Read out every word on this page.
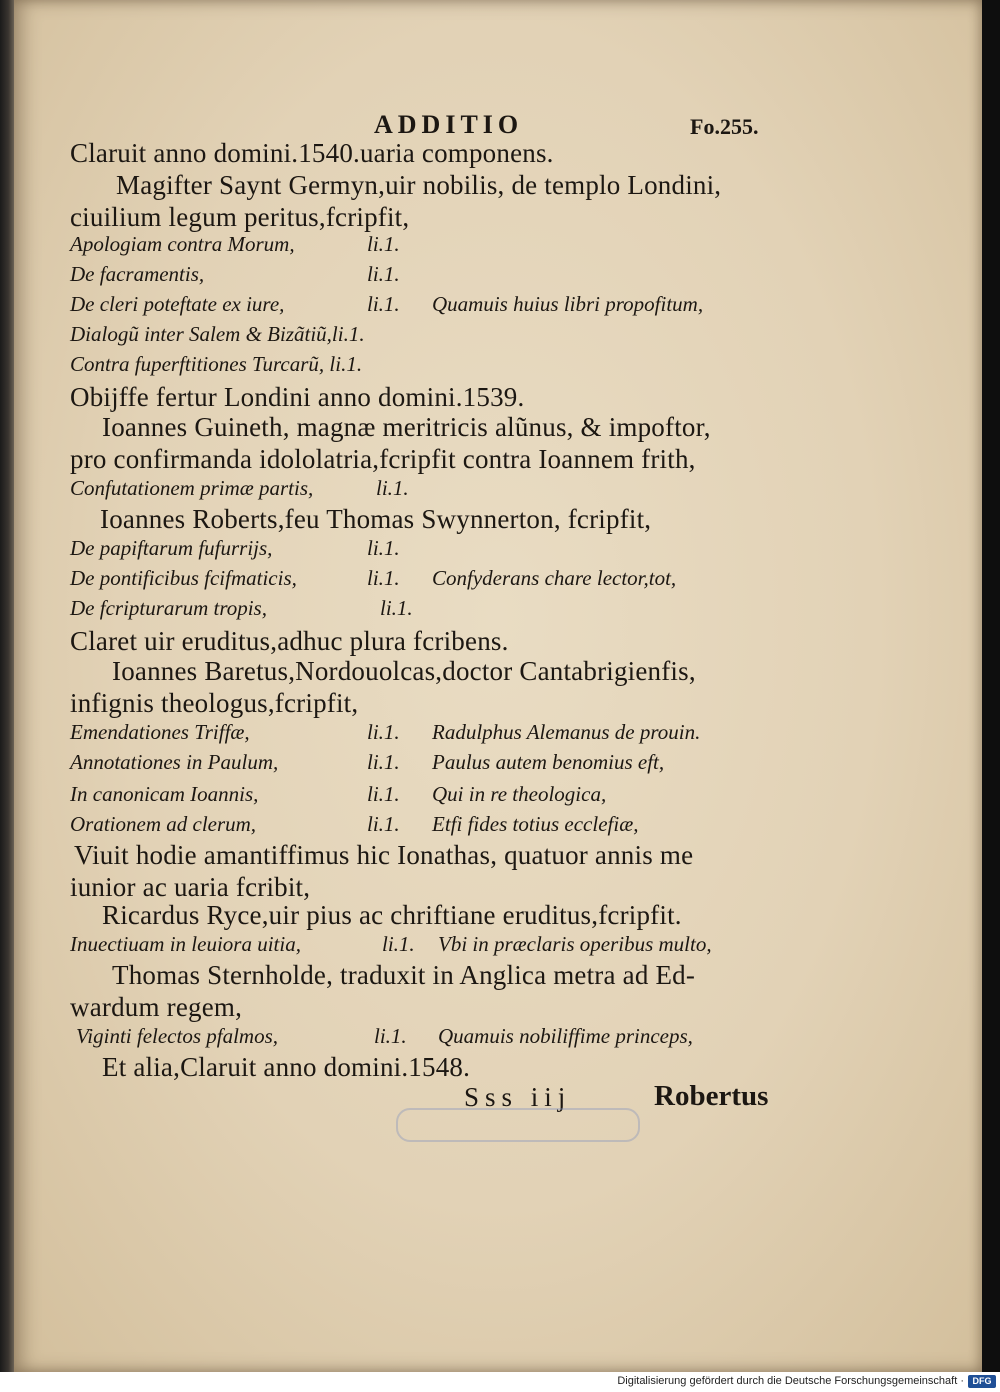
ADDITIO	Fo.255.
Claruit anno domini.1540.uaria componens.
Magifter Saynt Germyn,uir nobilis, de templo Londini,
ciuilium legum peritus,fcripfit,
Apologiam contra Morum,	li.1.
De facramentis,	li.1.
De cleri poteftate ex iure,	li.1. Quamuis huius libri propofitum,
Dialogũ inter Salem & Bizãtiũ,li.1.
Contra fuperftitiones Turcarũ, li.1.
Obijffe fertur Londini anno domini.1539.
Ioannes Guineth, magnæ meritricis alũnus, & impoftor,
pro confirmanda idololatria,fcripfit contra Ioannem frith,
Confutationem primæ partis,	li.1.
Ioannes Roberts,feu Thomas Swynnerton, fcripfit,
De papiftarum fufurrijs,	li.1.
De pontificibus fcifmaticis,	li.1. Confyderans chare lector,tot,
De fcripturarum tropis,	li.1.
Claret uir eruditus,adhuc plura fcribens.
Ioannes Baretus,Nordouolcas,doctor Cantabrigienfis,
infignis theologus,fcripfit,
Emendationes Triffæ,	li.1. Radulphus Alemanus de prouin.
Annotationes in Paulum,	li.1. Paulus autem benomius eft,
In canonicam Ioannis,	li.1. Qui in re theologica,
Orationem ad clerum,	li.1. Etfi fides totius ecclefiæ,
Viuit hodie amantiffimus hic Ionathas, quatuor annis me
iunior ac uaria fcribit,
Ricardus Ryce,uir pius ac chriftiane eruditus,fcripfit.
Inuectiuam in leuiora uitia,	li.1. Vbi in præclaris operibus multo,
Thomas Sternholde, traduxit in Anglica metra ad Ed-
wardum regem,
Viginti felectos pfalmos,	li.1. Quamuis nobiliffime princeps,
Et alia,Claruit anno domini.1548.
Sss iij	Robertus
Digitalisierung gefördert durch die Deutsche Forschungsgemeinschaft · DFG
